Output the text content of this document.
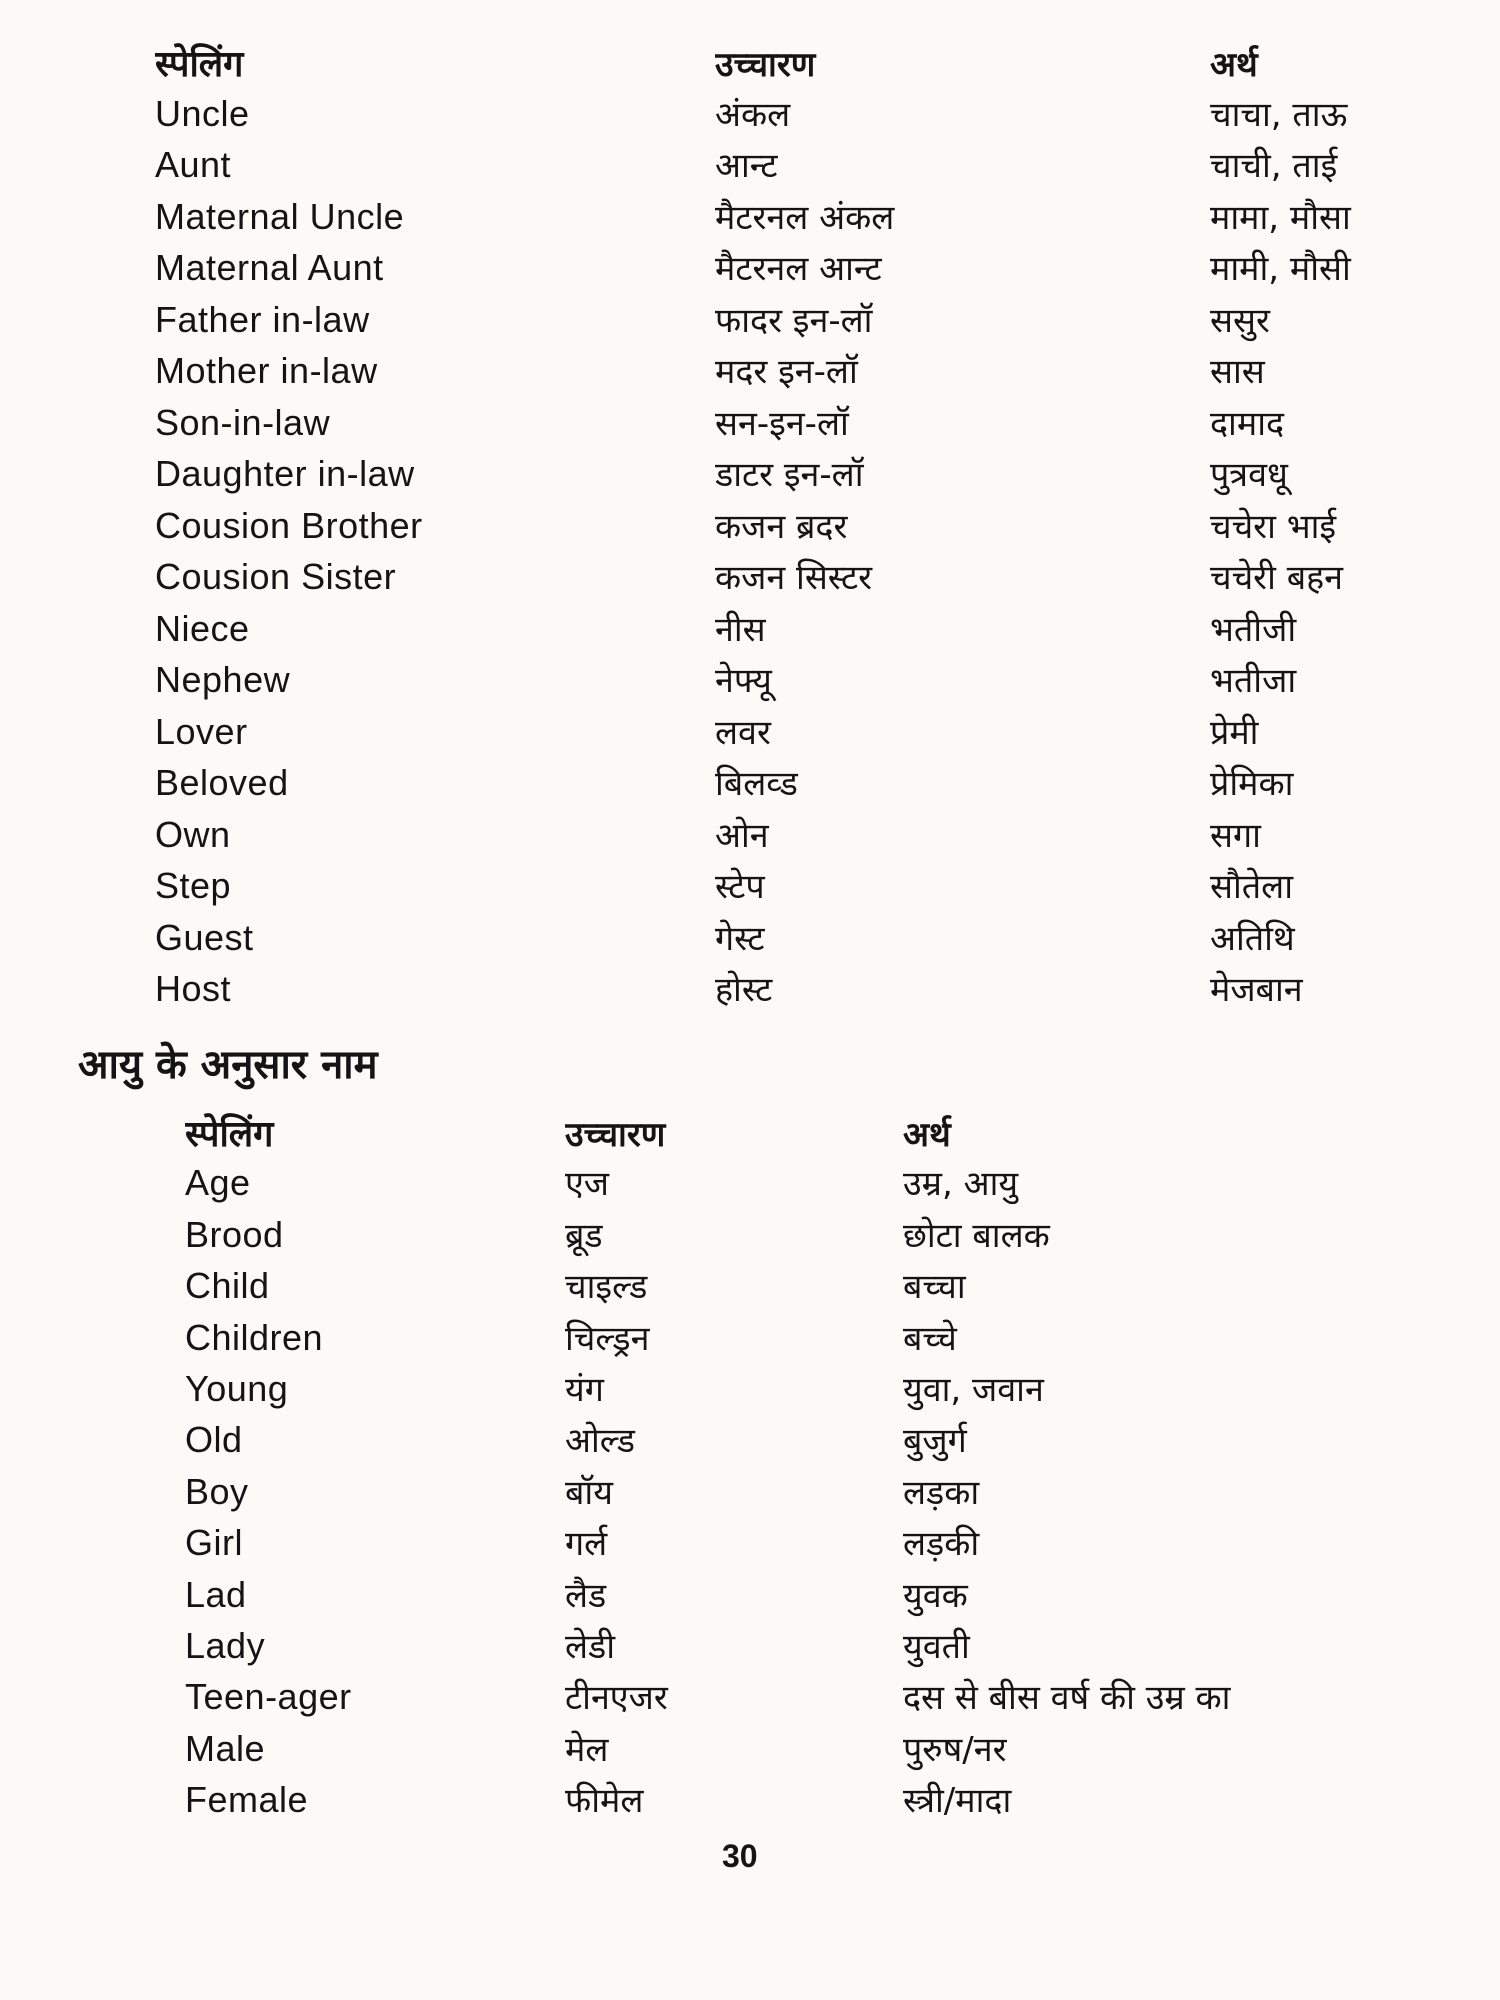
स्पेलिंग	उच्चारण	अर्थ
Uncle	अंकल	चाचा, ताऊ
Aunt	आन्ट	चाची, ताई
Maternal Uncle	मैटरनल अंकल	मामा, मौसा
Maternal Aunt	मैटरनल आन्ट	मामी, मौसी
Father in-law	फादर इन-लॉ	ससुर
Mother in-law	मदर इन-लॉ	सास
Son-in-law	सन-इन-लॉ	दामाद
Daughter in-law	डाटर इन-लॉ	पुत्रवधू
Cousion Brother	कजन ब्रदर	चचेरा भाई
Cousion Sister	कजन सिस्टर	चचेरी बहन
Niece	नीस	भतीजी
Nephew	नेफ्यू	भतीजा
Lover	लवर	प्रेमी
Beloved	बिलव्ड	प्रेमिका
Own	ओन	सगा
Step	स्टेप	सौतेला
Guest	गेस्ट	अतिथि
Host	होस्ट	मेजबान
आयु के अनुसार नाम
स्पेलिंग	उच्चारण	अर्थ
Age	एज	उम्र, आयु
Brood	ब्रूड	छोटा बालक
Child	चाइल्ड	बच्चा
Children	चिल्ड्रन	बच्चे
Young	यंग	युवा, जवान
Old	ओल्ड	बुजुर्ग
Boy	बॉय	लड़का
Girl	गर्ल	लड़की
Lad	लैड	युवक
Lady	लेडी	युवती
Teen-ager	टीनएजर	दस से बीस वर्ष की उम्र का
Male	मेल	पुरुष/नर
Female	फीमेल	स्त्री/मादा
30
